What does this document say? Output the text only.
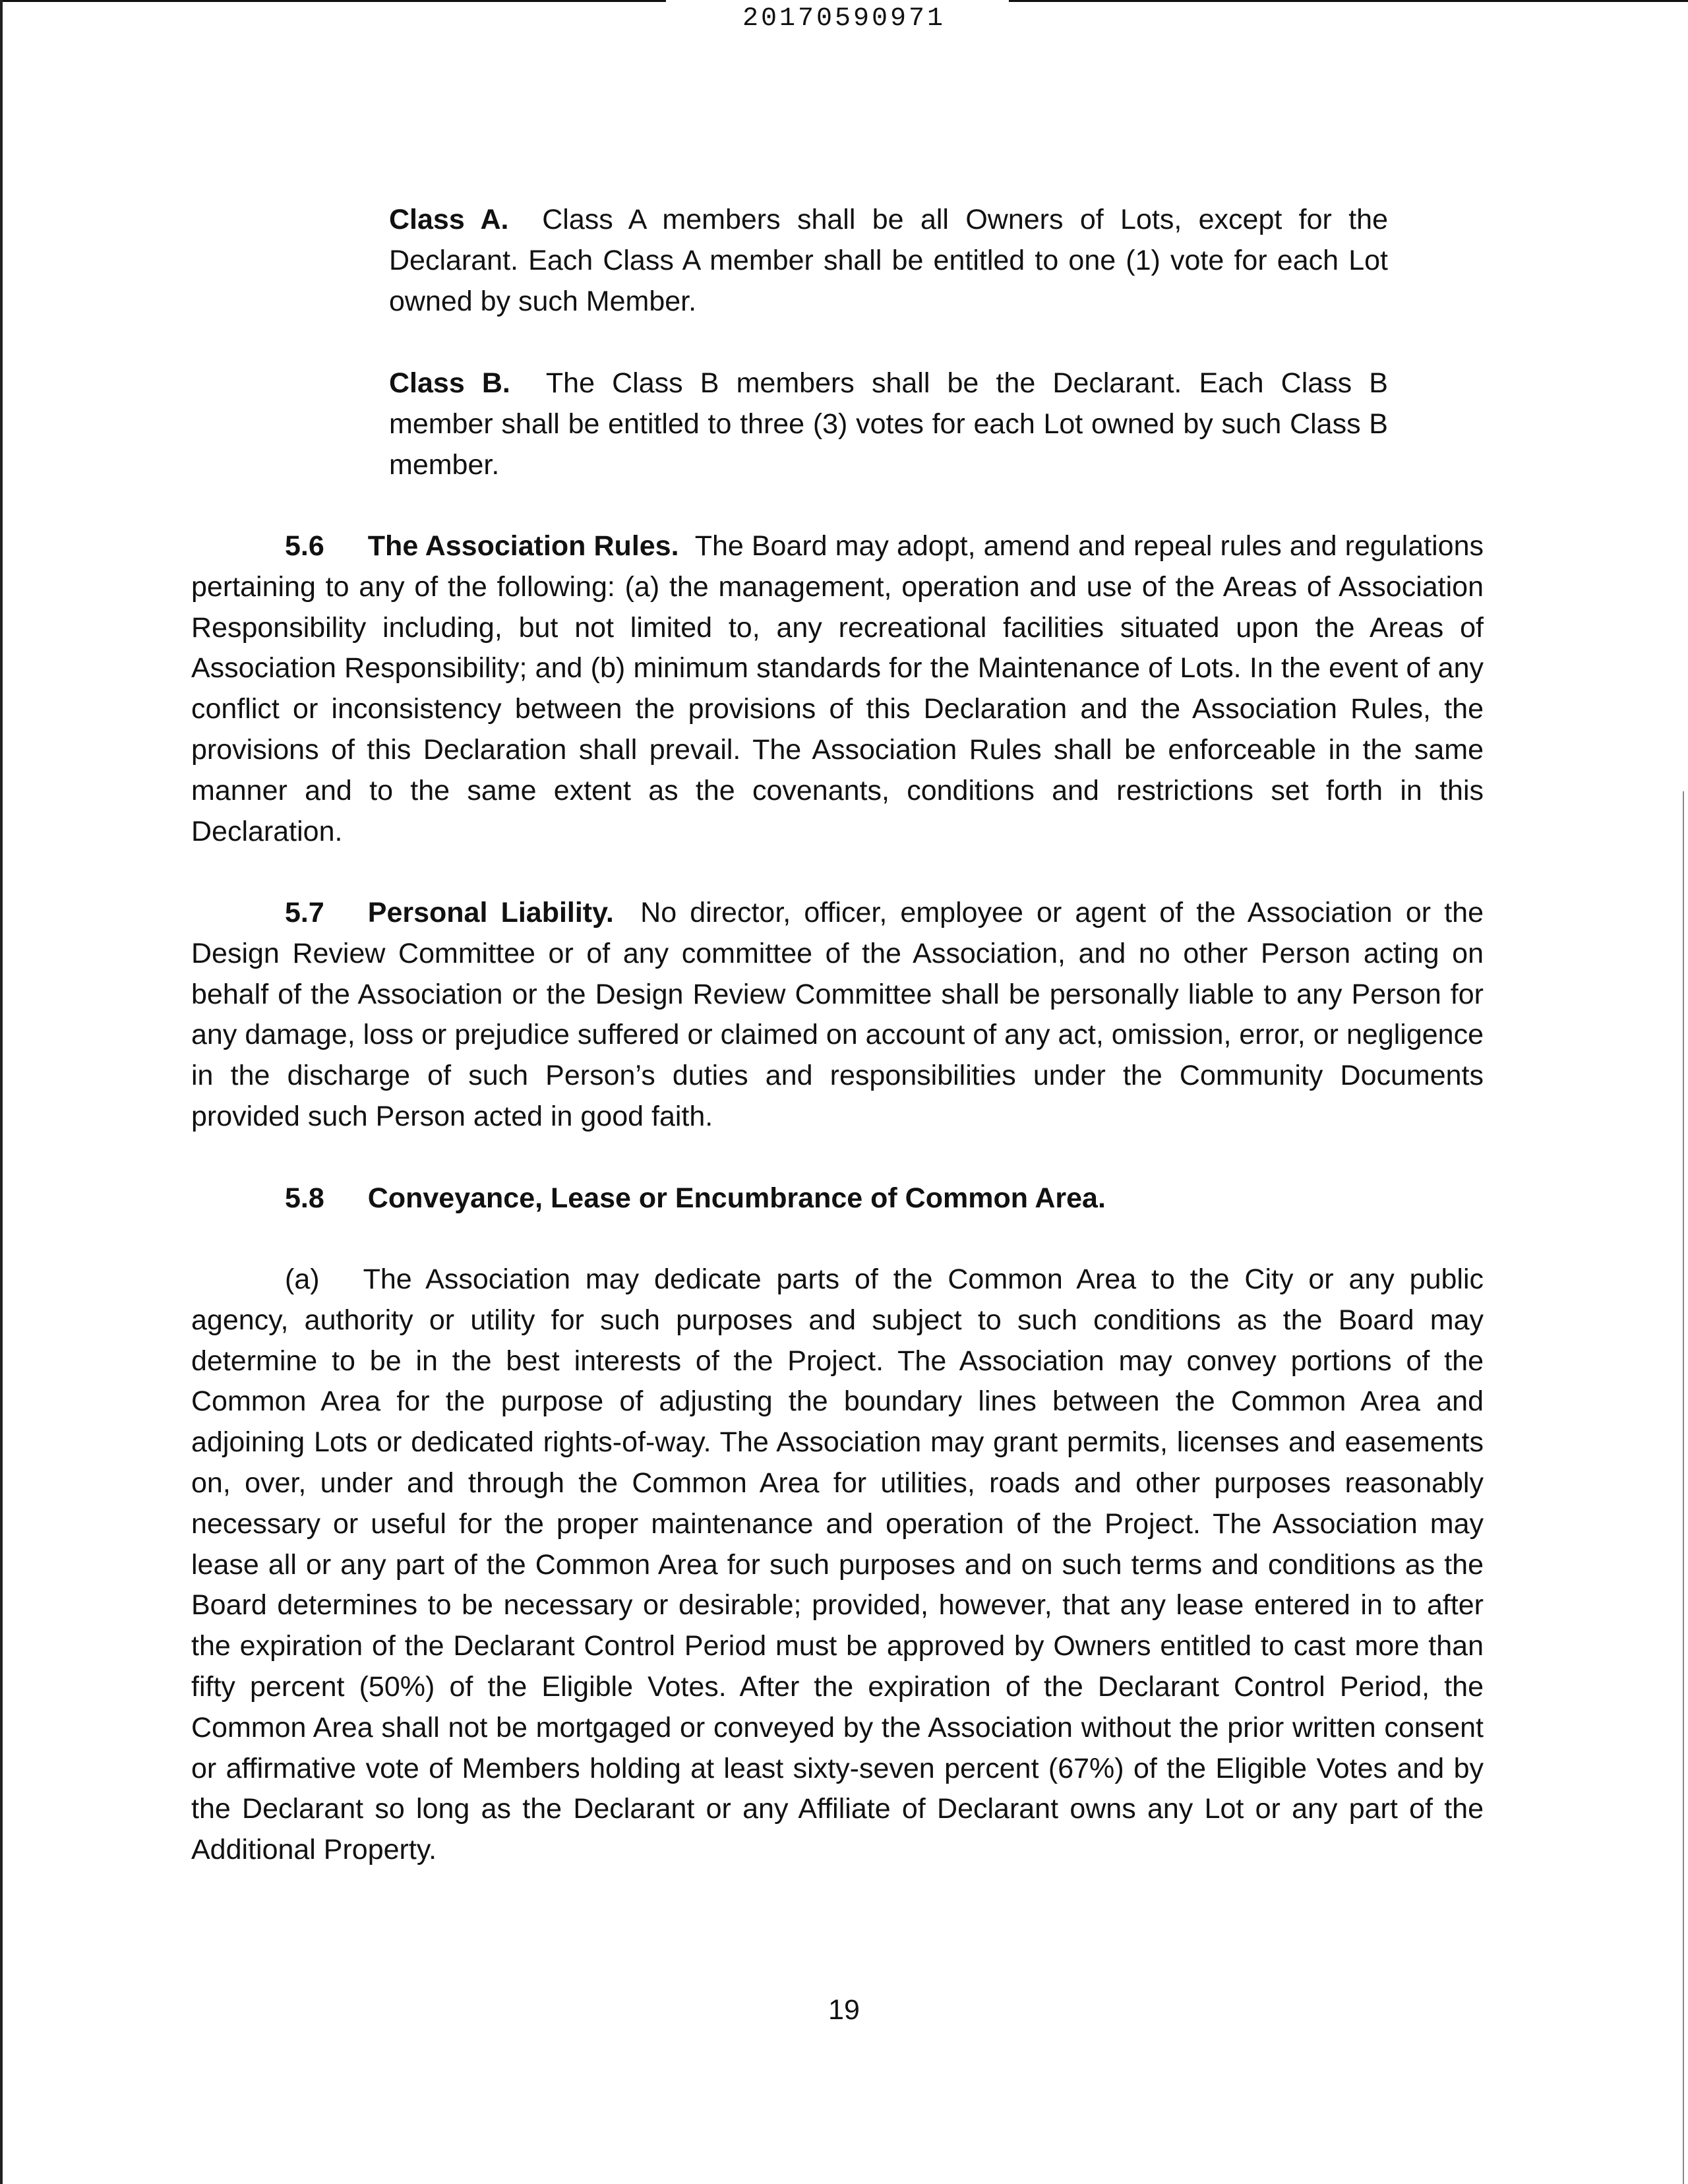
20170590971
Class A. Class A members shall be all Owners of Lots, except for the Declarant. Each Class A member shall be entitled to one (1) vote for each Lot owned by such Member.
Class B. The Class B members shall be the Declarant. Each Class B member shall be entitled to three (3) votes for each Lot owned by such Class B member.
5.6 The Association Rules. The Board may adopt, amend and repeal rules and regulations pertaining to any of the following: (a) the management, operation and use of the Areas of Association Responsibility including, but not limited to, any recreational facilities situated upon the Areas of Association Responsibility; and (b) minimum standards for the Maintenance of Lots. In the event of any conflict or inconsistency between the provisions of this Declaration and the Association Rules, the provisions of this Declaration shall prevail. The Association Rules shall be enforceable in the same manner and to the same extent as the covenants, conditions and restrictions set forth in this Declaration.
5.7 Personal Liability. No director, officer, employee or agent of the Association or the Design Review Committee or of any committee of the Association, and no other Person acting on behalf of the Association or the Design Review Committee shall be personally liable to any Person for any damage, loss or prejudice suffered or claimed on account of any act, omission, error, or negligence in the discharge of such Person’s duties and responsibilities under the Community Documents provided such Person acted in good faith.
5.8 Conveyance, Lease or Encumbrance of Common Area.
(a) The Association may dedicate parts of the Common Area to the City or any public agency, authority or utility for such purposes and subject to such conditions as the Board may determine to be in the best interests of the Project. The Association may convey portions of the Common Area for the purpose of adjusting the boundary lines between the Common Area and adjoining Lots or dedicated rights-of-way. The Association may grant permits, licenses and easements on, over, under and through the Common Area for utilities, roads and other purposes reasonably necessary or useful for the proper maintenance and operation of the Project. The Association may lease all or any part of the Common Area for such purposes and on such terms and conditions as the Board determines to be necessary or desirable; provided, however, that any lease entered in to after the expiration of the Declarant Control Period must be approved by Owners entitled to cast more than fifty percent (50%) of the Eligible Votes. After the expiration of the Declarant Control Period, the Common Area shall not be mortgaged or conveyed by the Association without the prior written consent or affirmative vote of Members holding at least sixty-seven percent (67%) of the Eligible Votes and by the Declarant so long as the Declarant or any Affiliate of Declarant owns any Lot or any part of the Additional Property.
19
